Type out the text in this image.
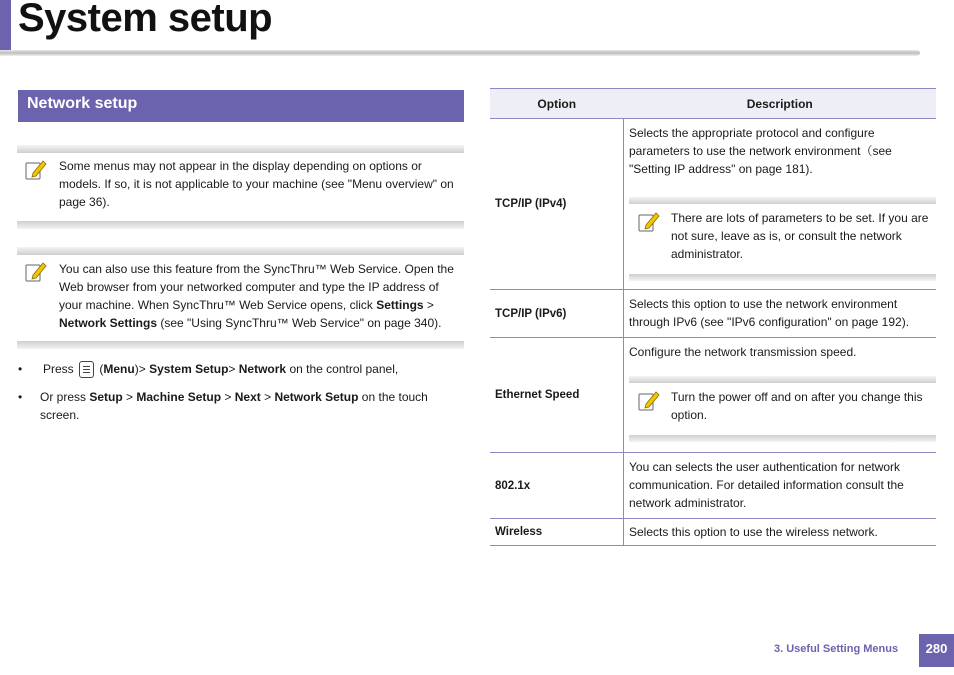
System setup
Network setup
Some menus may not appear in the display depending on options or models. If so, it is not applicable to your machine (see "Menu overview" on page 36).
You can also use this feature from the SyncThru™ Web Service. Open the Web browser from your networked computer and type the IP address of your machine. When SyncThru™ Web Service opens, click Settings > Network Settings (see "Using SyncThru™ Web Service" on page 340).
• Press  (Menu)> System Setup> Network on the control panel,
• Or press Setup > Machine Setup > Next > Network Setup on the touch screen.
Option	Description
TCP/IP (IPv4)	Selects the appropriate protocol and configure parameters to use the network environment（see "Setting IP address" on page 181).
There are lots of parameters to be set. If you are not sure, leave as is, or consult the network administrator.

TCP/IP (IPv6)	Selects this option to use the network environment through IPv6 (see "IPv6 configuration" on page 192).

Ethernet Speed	Configure the network transmission speed.
Turn the power off and on after you change this option.

802.1x	You can selects the user authentication for network communication. For detailed information consult the network administrator.

Wireless	Selects this option to use the wireless network.
3. Useful Setting Menus	280
